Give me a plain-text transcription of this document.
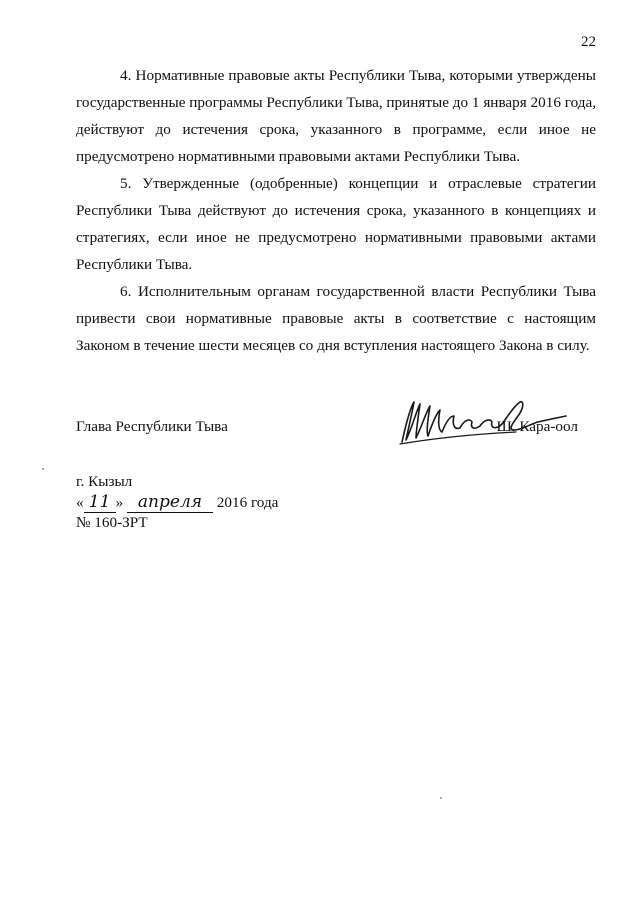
22

4. Нормативные правовые акты Республики Тыва, которыми утверждены государственные программы Республики Тыва, принятые до 1 января 2016 года, действуют до истечения срока, указанного в программе, если иное не предусмотрено нормативными правовыми актами Республики Тыва.

5. Утвержденные (одобренные) концепции и отраслевые стратегии Республики Тыва действуют до истечения срока, указанного в концепциях и стратегиях, если иное не предусмотрено нормативными правовыми актами Республики Тыва.

6. Исполнительным органам государственной власти Республики Тыва привести свои нормативные правовые акты в соответствие с настоящим Законом в течение шести месяцев со дня вступления настоящего Закона в силу.

Глава Республики Тыва	Ш. Кара-оол
г. Кызыл
« 11 » апреля 2016 года
№ 160-ЗРТ
